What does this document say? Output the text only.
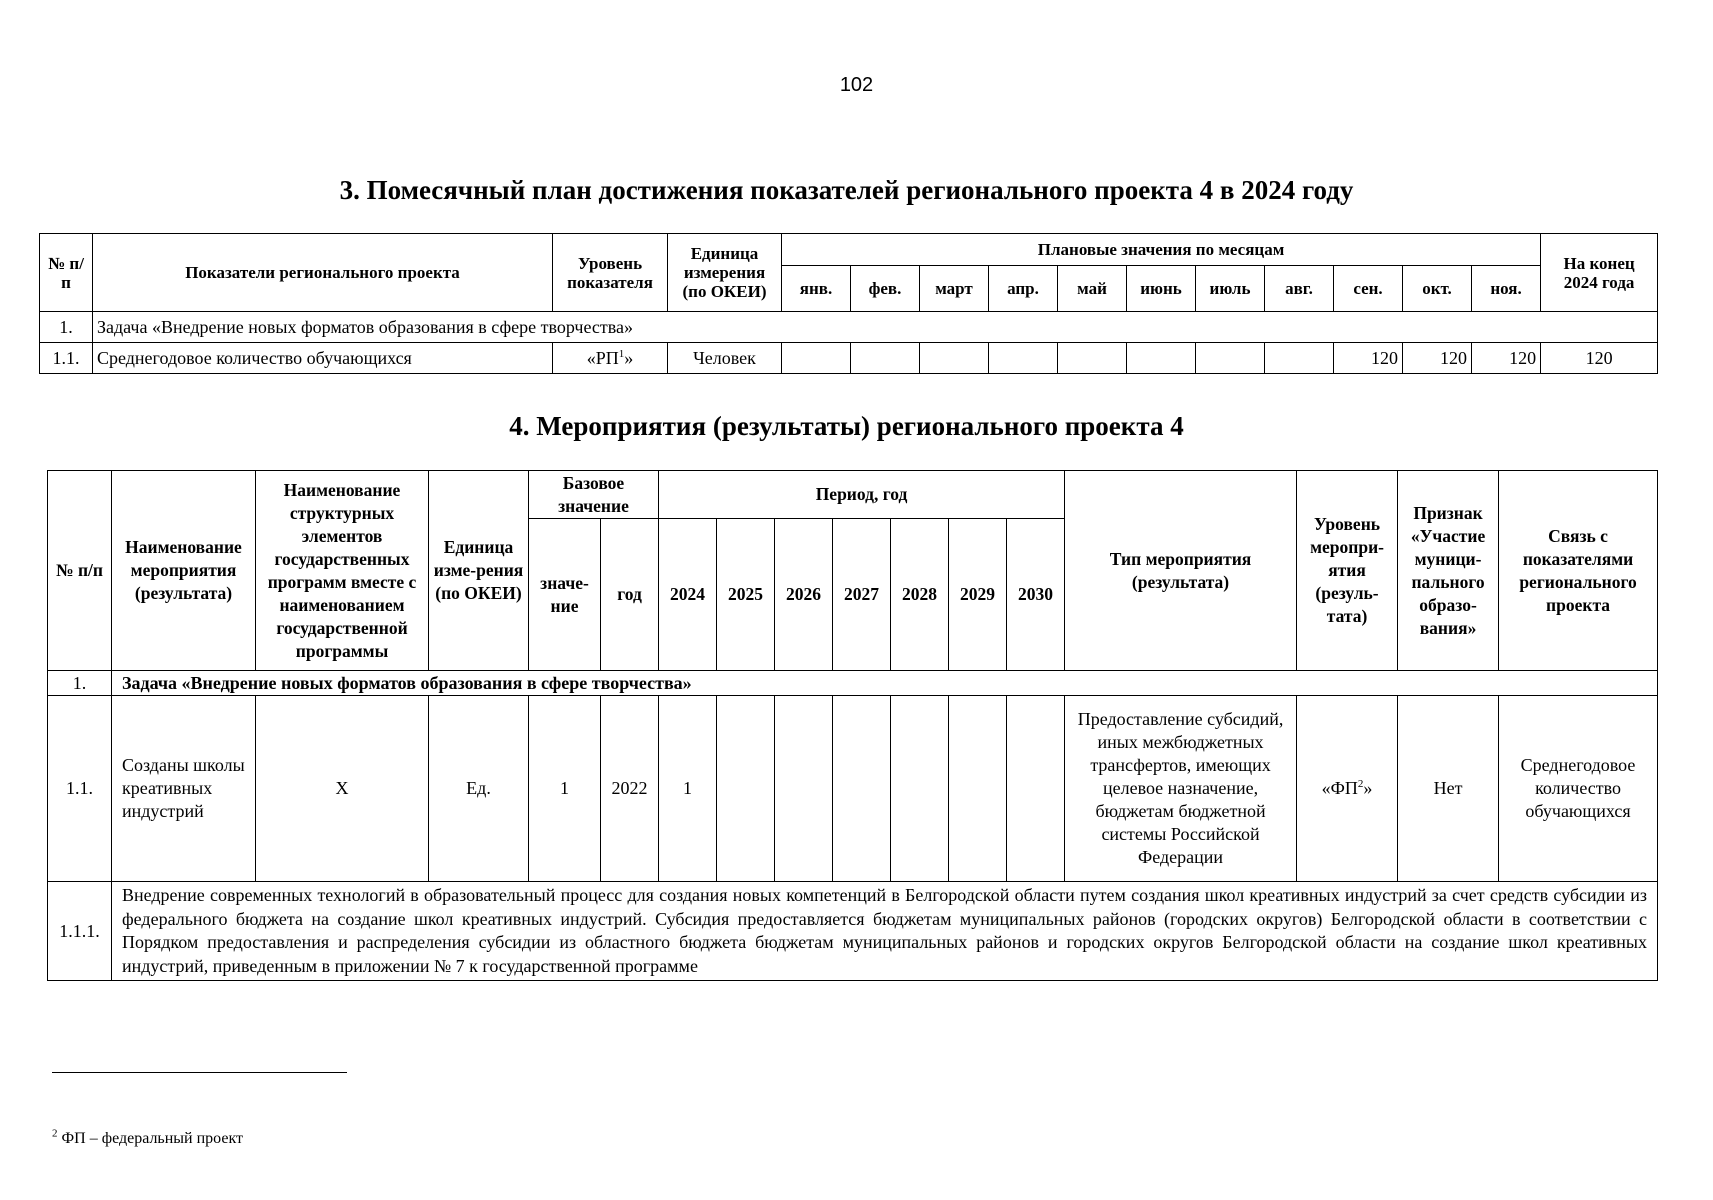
102
3. Помесячный план достижения показателей регионального проекта 4 в 2024 году
№ п/п	Показатели регионального проекта	Уровень показателя	Единица измерения (по ОКЕИ)	Плановые значения по месяцам											На конец 2024 года
				янв.	фев.	март	апр.	май	июнь	июль	авг.	сен.	окт.	ноя.	
1.	Задача «Внедрение новых форматов образования в сфере творчества»														
1.1.	Среднегодовое количество обучающихся	«$РП^1$»	Человек									120	120	120	120
4. Мероприятия (результаты) регионального проекта 4
№ п/п	Наименование мероприятия (результата)	Наименование структурных элементов государственных программ вместе с наименованием государственной программы	Единица изме-рения (по ОКЕИ)	Базовое значение		Период, год							Тип мероприятия (результата)	Уровень меропри-ятия (резуль-тата)	Признак «Участие муници-пального образо-вания»	Связь с показателями регионального проекта
				значе-ние	год	2024	2025	2026	2027	2028	2029	2030				
1.	Задача «Внедрение новых форматов образования в сфере творчества»															
1.1.	Созданы школы креативных индустрий	X	Ед.	1	2022	1							Предоставление субсидий, иных межбюджетных трансфертов, имеющих целевое назначение, бюджетам бюджетной системы Российской Федерации	«$ФП^2$»	Нет	Среднегодовое количество обучающихся
1.1.1.	Внедрение современных технологий в образовательный процесс для создания новых компетенций в Белгородской области путем создания школ креативных индустрий за счет средств субсидии из федерального бюджета на создание школ креативных индустрий. Субсидия предоставляется бюджетам муниципальных районов (городских округов) Белгородской области в соответствии с Порядком предоставления и распределения субсидии из областного бюджета бюджетам муниципальных районов и городских округов Белгородской области на создание школ креативных индустрий, приведенным в приложении № 7 к государственной программе															
$^2$ ФП – федеральный проект
